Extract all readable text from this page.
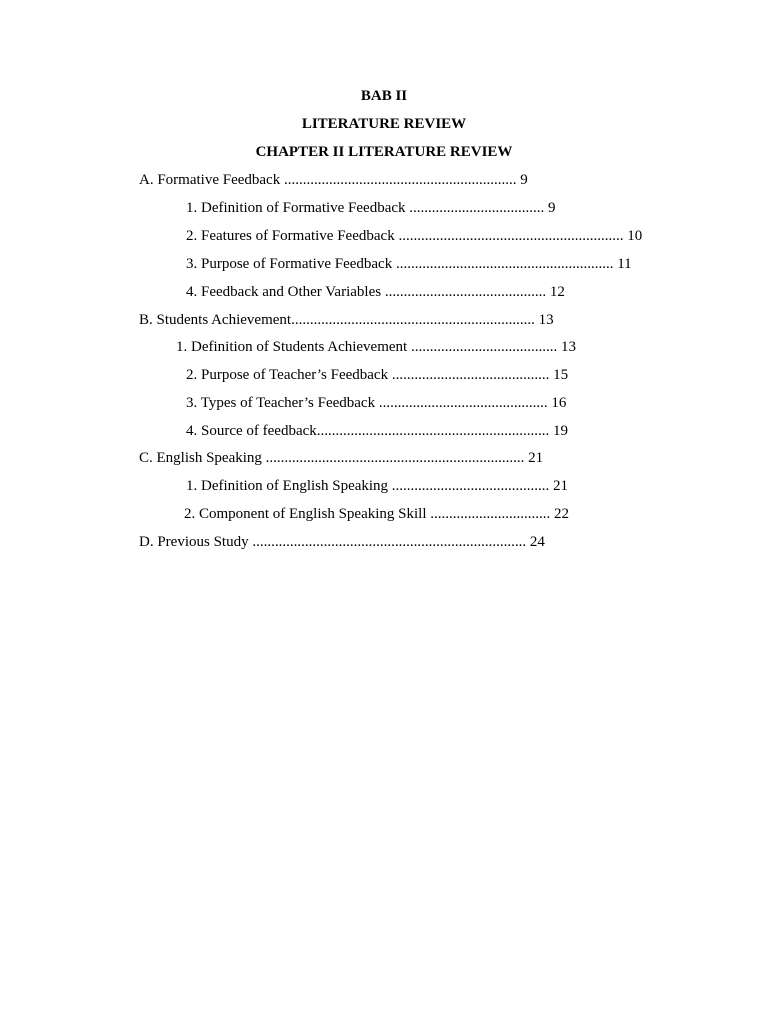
BAB II
LITERATURE REVIEW
CHAPTER II LITERATURE REVIEW
A. Formative Feedback .............................................................. 9
1. Definition of Formative Feedback .................................... 9
2. Features of Formative Feedback ............................................................ 10
3. Purpose of Formative Feedback .......................................................... 11
4. Feedback and Other Variables ........................................... 12
B. Students Achievement................................................................. 13
1. Definition of Students Achievement ....................................... 13
2. Purpose of Teacher’s Feedback .......................................... 15
3. Types of Teacher’s Feedback ............................................. 16
4. Source of feedback.............................................................. 19
C. English Speaking ..................................................................... 21
1. Definition of English Speaking .......................................... 21
2. Component of English Speaking Skill ................................ 22
D. Previous Study ......................................................................... 24
